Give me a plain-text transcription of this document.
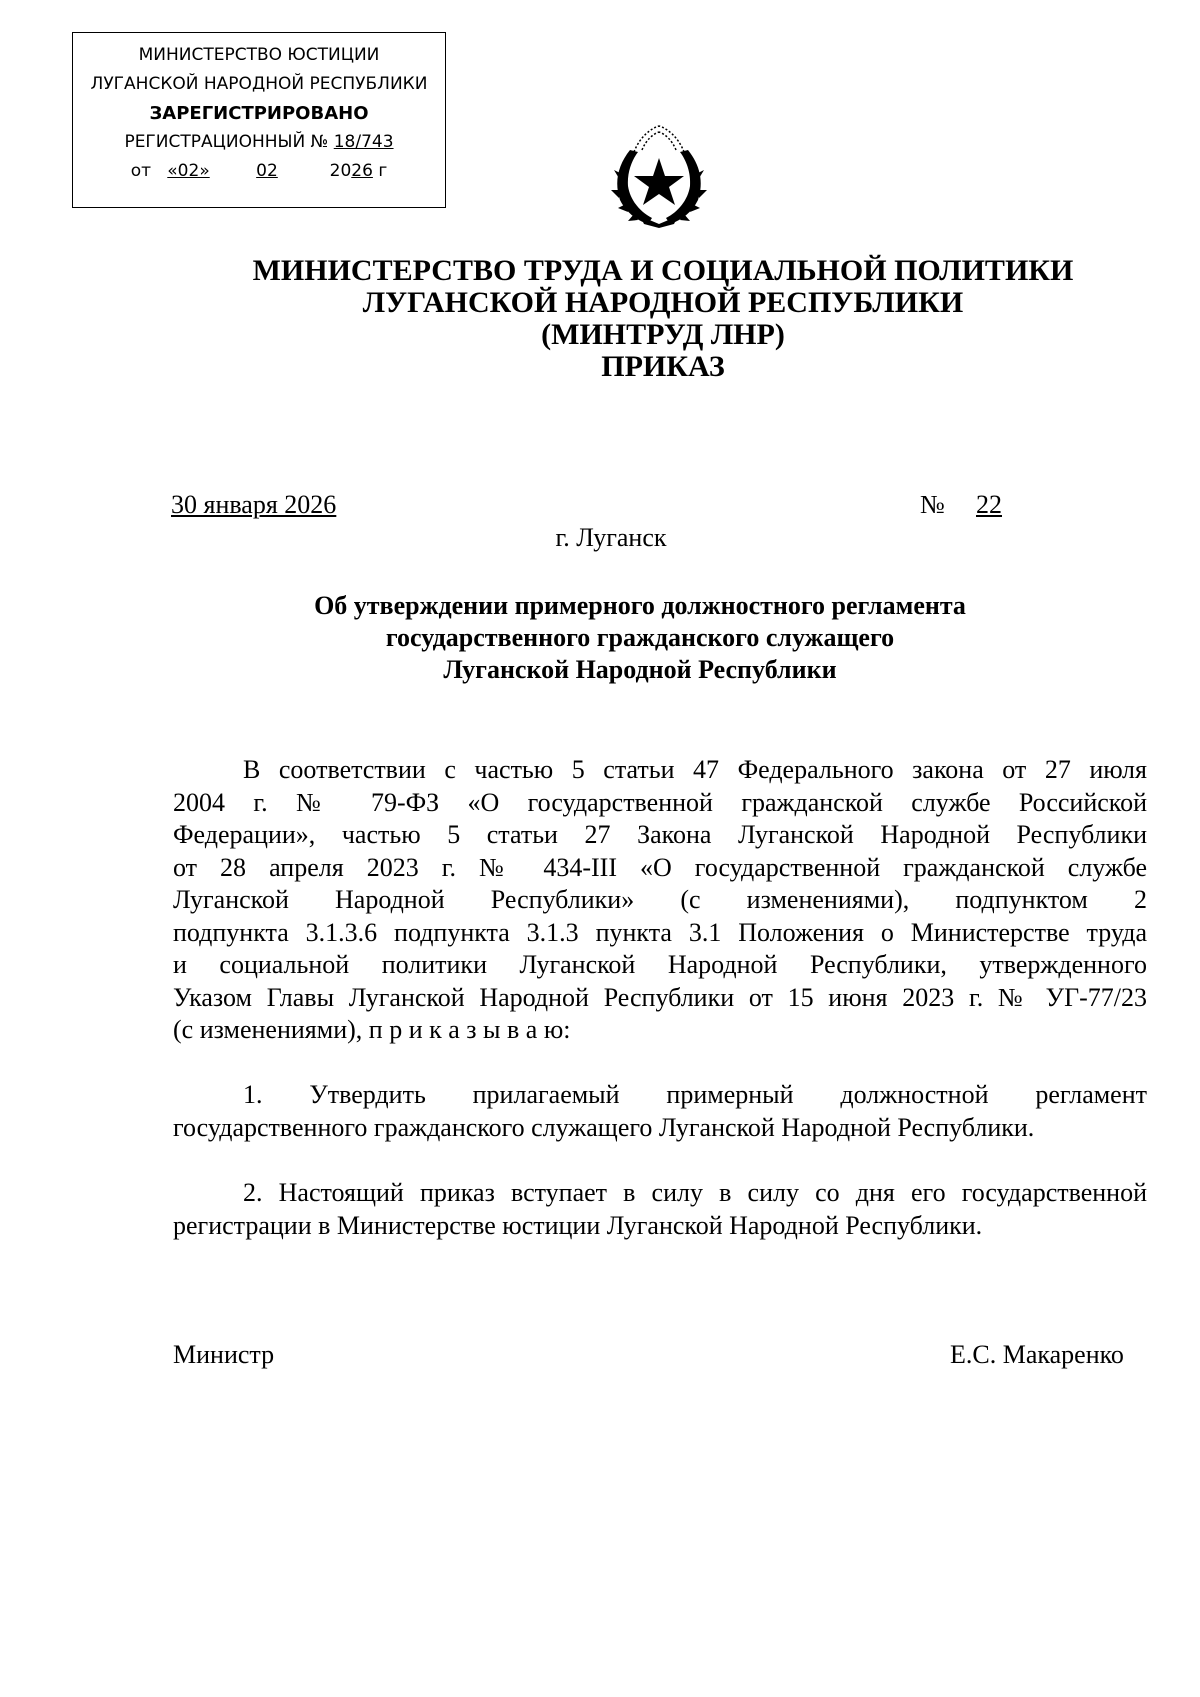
МИНИСТЕРСТВО ЮСТИЦИИ
ЛУГАНСКОЙ НАРОДНОЙ РЕСПУБЛИКИ
ЗАРЕГИСТРИРОВАНО
РЕГИСТРАЦИОННЫЙ № 18/743
от «02»	02	2026 г
МИНИСТЕРСТВО ТРУДА И СОЦИАЛЬНОЙ ПОЛИТИКИ
ЛУГАНСКОЙ НАРОДНОЙ РЕСПУБЛИКИ
(МИНТРУД ЛНР)
ПРИКАЗ
30 января 2026	№ 22
г. Луганск
Об утверждении примерного должностного регламента
государственного гражданского служащего
Луганской Народной Республики
В соответствии с частью 5 статьи 47 Федерального закона от 27 июля
2004 г. № 79-ФЗ «О государственной гражданской службе Российской
Федерации», частью 5 статьи 27 Закона Луганской Народной Республики
от 28 апреля 2023 г. № 434-III «О государственной гражданской службе
Луганской Народной Республики» (с изменениями), подпунктом 2
подпункта 3.1.3.6 подпункта 3.1.3 пункта 3.1 Положения о Министерстве труда
и социальной политики Луганской Народной Республики, утвержденного
Указом Главы Луганской Народной Республики от 15 июня 2023 г. № УГ-77/23
(с изменениями), п р и к а з ы в а ю:
1. Утвердить прилагаемый примерный должностной регламент
государственного гражданского служащего Луганской Народной Республики.
2. Настоящий приказ вступает в силу в силу со дня его государственной
регистрации в Министерстве юстиции Луганской Народной Республики.
Министр	Е.С. Макаренко
